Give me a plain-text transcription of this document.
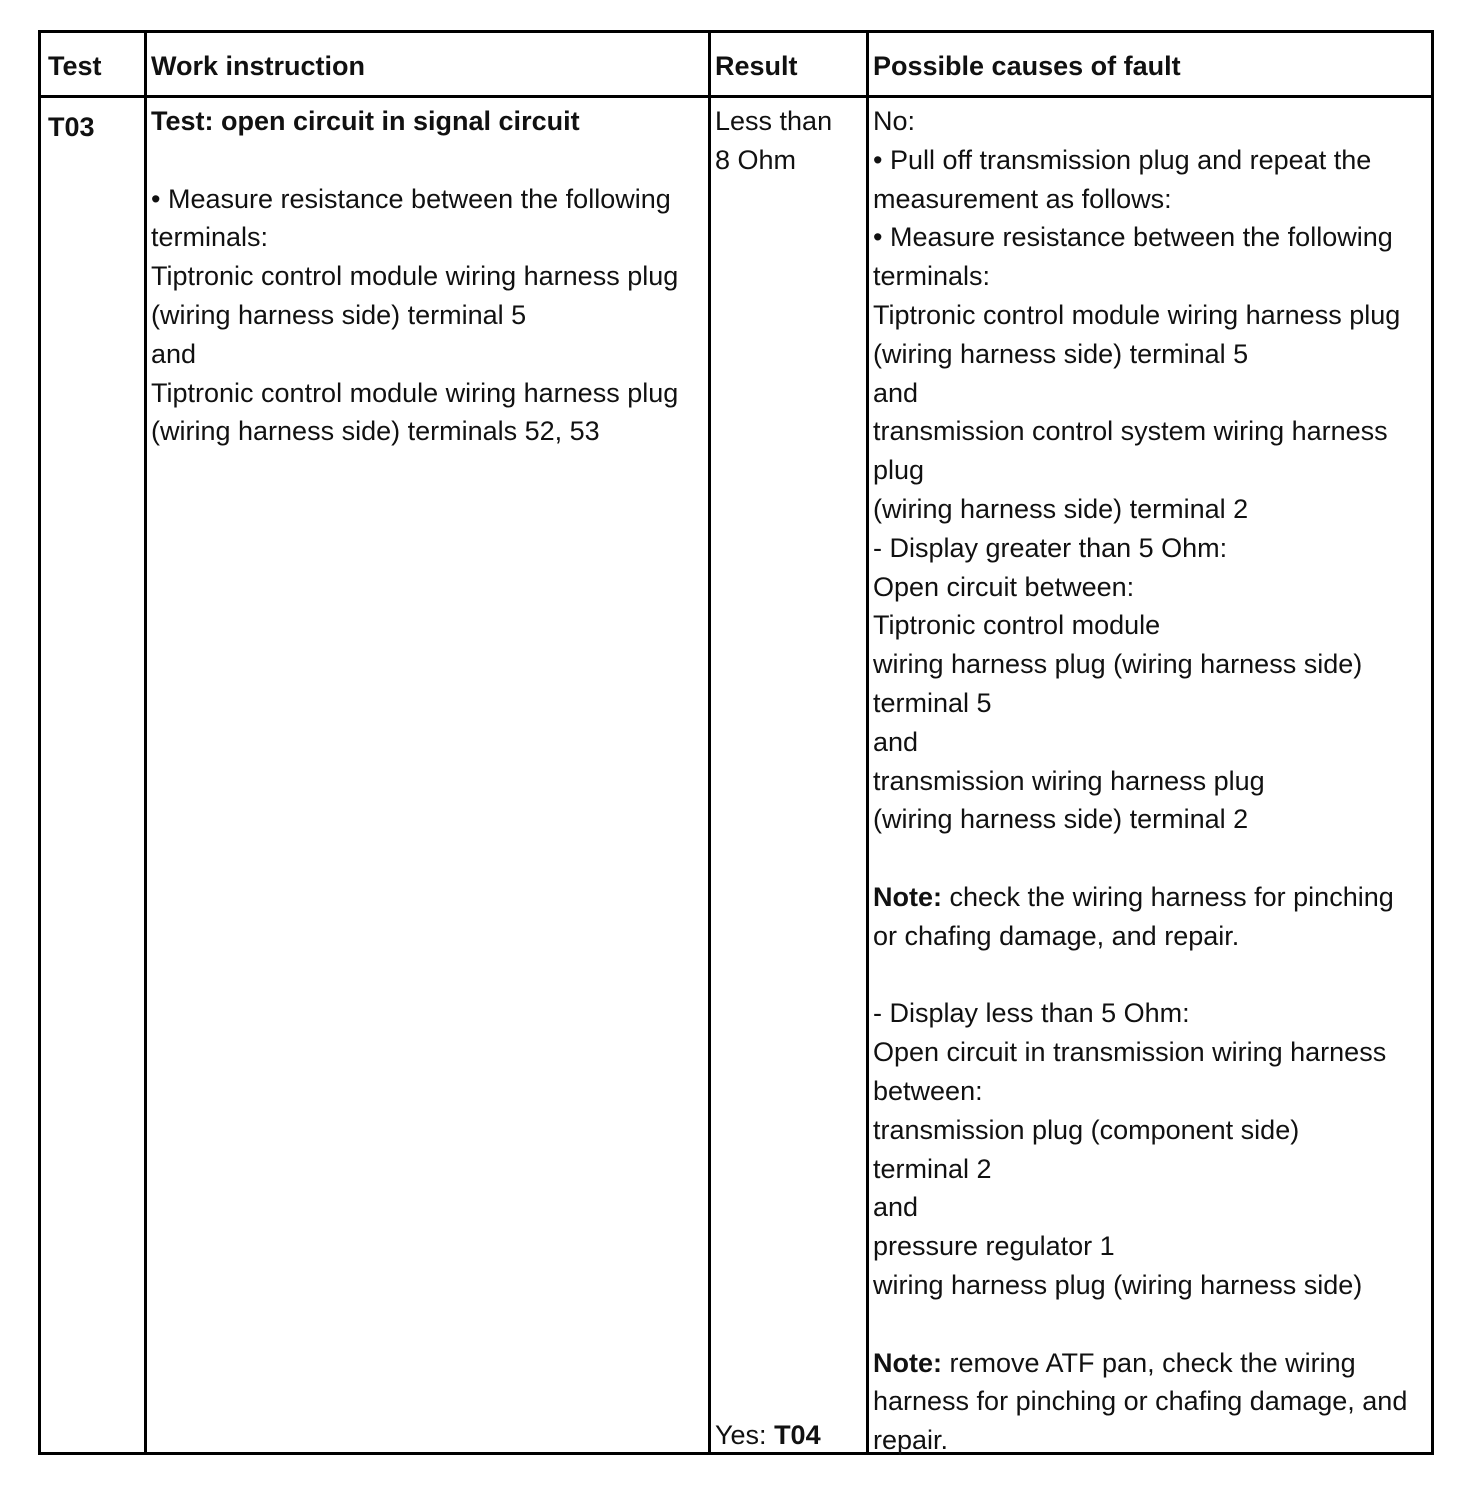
Test Work instruction	Result	Possible causes of fault
T03 Test: open circuit in signal circuit
• Measure resistance between the following
terminals:
Tiptronic control module wiring harness plug
(wiring harness side) terminal 5
and
Tiptronic control module wiring harness plug
(wiring harness side) terminals 52, 53
Less than
8 Ohm
Yes: T04
No:
• Pull off transmission plug and repeat the
measurement as follows:
• Measure resistance between the following
terminals:
Tiptronic control module wiring harness plug
(wiring harness side) terminal 5
and
transmission control system wiring harness
plug
(wiring harness side) terminal 2
- Display greater than 5 Ohm:
Open circuit between:
Tiptronic control module
wiring harness plug (wiring harness side)
terminal 5
and
transmission wiring harness plug
(wiring harness side) terminal 2
Note: check the wiring harness for pinching
or chafing damage, and repair.
- Display less than 5 Ohm:
Open circuit in transmission wiring harness
between:
transmission plug (component side)
terminal 2
and
pressure regulator 1
wiring harness plug (wiring harness side)
Note: remove ATF pan, check the wiring
harness for pinching or chafing damage, and
repair.
